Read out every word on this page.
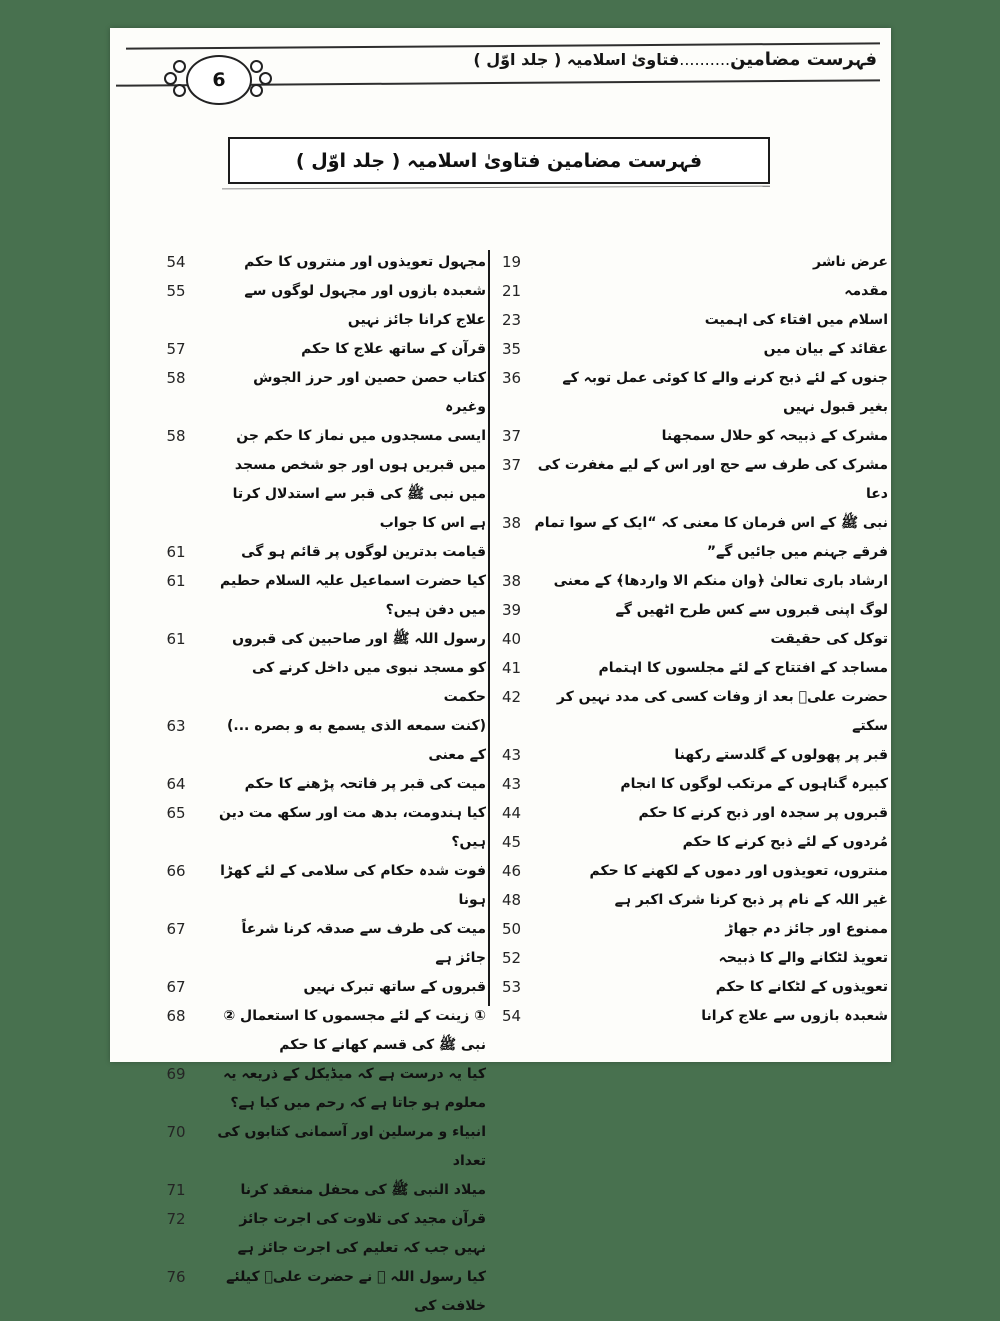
فہرست مضامین..........فتاویٰ اسلامیہ ( جلد اوّل )
6
فہرست مضامین فتاویٰ اسلامیہ ( جلد اوّل )
19	عرض ناشر
21	مقدمہ
23	اسلام میں افتاء کی اہمیت
35	عقائد کے بیان میں
36	جنوں کے لئے ذبح کرنے والے کا کوئی عمل توبہ کے بغیر قبول نہیں
37	مشرک کے ذبیحہ کو حلال سمجھنا
37	مشرک کی طرف سے حج اور اس کے لیے مغفرت کی دعا
38 نبی ﷺ کے اس فرمان کا معنی کہ “ایک کے سوا تمام فرقے جہنم میں جائیں گے”
38	ارشاد باری تعالیٰ ﴿وان منکم الا واردها﴾ کے معنی
39	لوگ اپنی قبروں سے کس طرح اٹھیں گے
40	توکل کی حقیقت
41	مساجد کے افتتاح کے لئے مجلسوں کا اہتمام
42	حضرت علیؓ بعد از وفات کسی کی مدد نہیں کر سکتے
43	قبر پر پھولوں کے گلدستے رکھنا
43	کبیرہ گناہوں کے مرتکب لوگوں کا انجام
44	قبروں پر سجدہ اور ذبح کرنے کا حکم
45	مُردوں کے لئے ذبح کرنے کا حکم
46	منتروں، تعویذوں اور دموں کے لکھنے کا حکم
48	غیر اللہ کے نام پر ذبح کرنا شرک اکبر ہے
50	ممنوع اور جائز دم جھاڑ
52	تعویذ لٹکانے والے کا ذبیحہ
53	تعویذوں کے لٹکانے کا حکم
54	شعبدہ بازوں سے علاج کرانا
54	مجہول تعویذوں اور منتروں کا حکم
55	شعبدہ بازوں اور مجہول لوگوں سے علاج کرانا جائز نہیں
57	قرآن کے ساتھ علاج کا حکم
58	کتاب حصن حصین اور حرز الجوش وغیرہ
58	ایسی مسجدوں میں نماز کا حکم جن میں قبریں ہوں اور جو شخص مسجد میں نبی ﷺ کی قبر سے استدلال کرتا ہے اس کا جواب
61	قیامت بدترین لوگوں پر قائم ہو گی
61	کیا حضرت اسماعیل علیہ السلام حطیم میں دفن ہیں؟
61	رسول اللہ ﷺ اور صاحبین کی قبروں کو مسجد نبوی میں داخل کرنے کی حکمت
63	(کنت سمعه الذی یسمع به و بصره ...) کے معنی
64	میت کی قبر پر فاتحہ پڑھنے کا حکم
65	کیا ہندومت، بدھ مت اور سکھ مت دین ہیں؟
66	فوت شدہ حکام کی سلامی کے لئے کھڑا ہونا
67	میت کی طرف سے صدقہ کرنا شرعاً جائز ہے
67	قبروں کے ساتھ تبرک نہیں
68	① زینت کے لئے مجسموں کا استعمال ② نبی ﷺ کی قسم کھانے کا حکم
69	کیا یہ درست ہے کہ میڈیکل کے ذریعہ یہ معلوم ہو جاتا ہے کہ رحم میں کیا ہے؟
70	انبیاء و مرسلین اور آسمانی کتابوں کی تعداد
71	میلاد النبی ﷺ کی محفل منعقد کرنا
72	قرآن مجید کی تلاوت کی اجرت جائز نہیں جب کہ تعلیم کی اجرت جائز ہے
76	کیا رسول اللہ ﷺ نے حضرت علیؓ کیلئے خلافت کی
